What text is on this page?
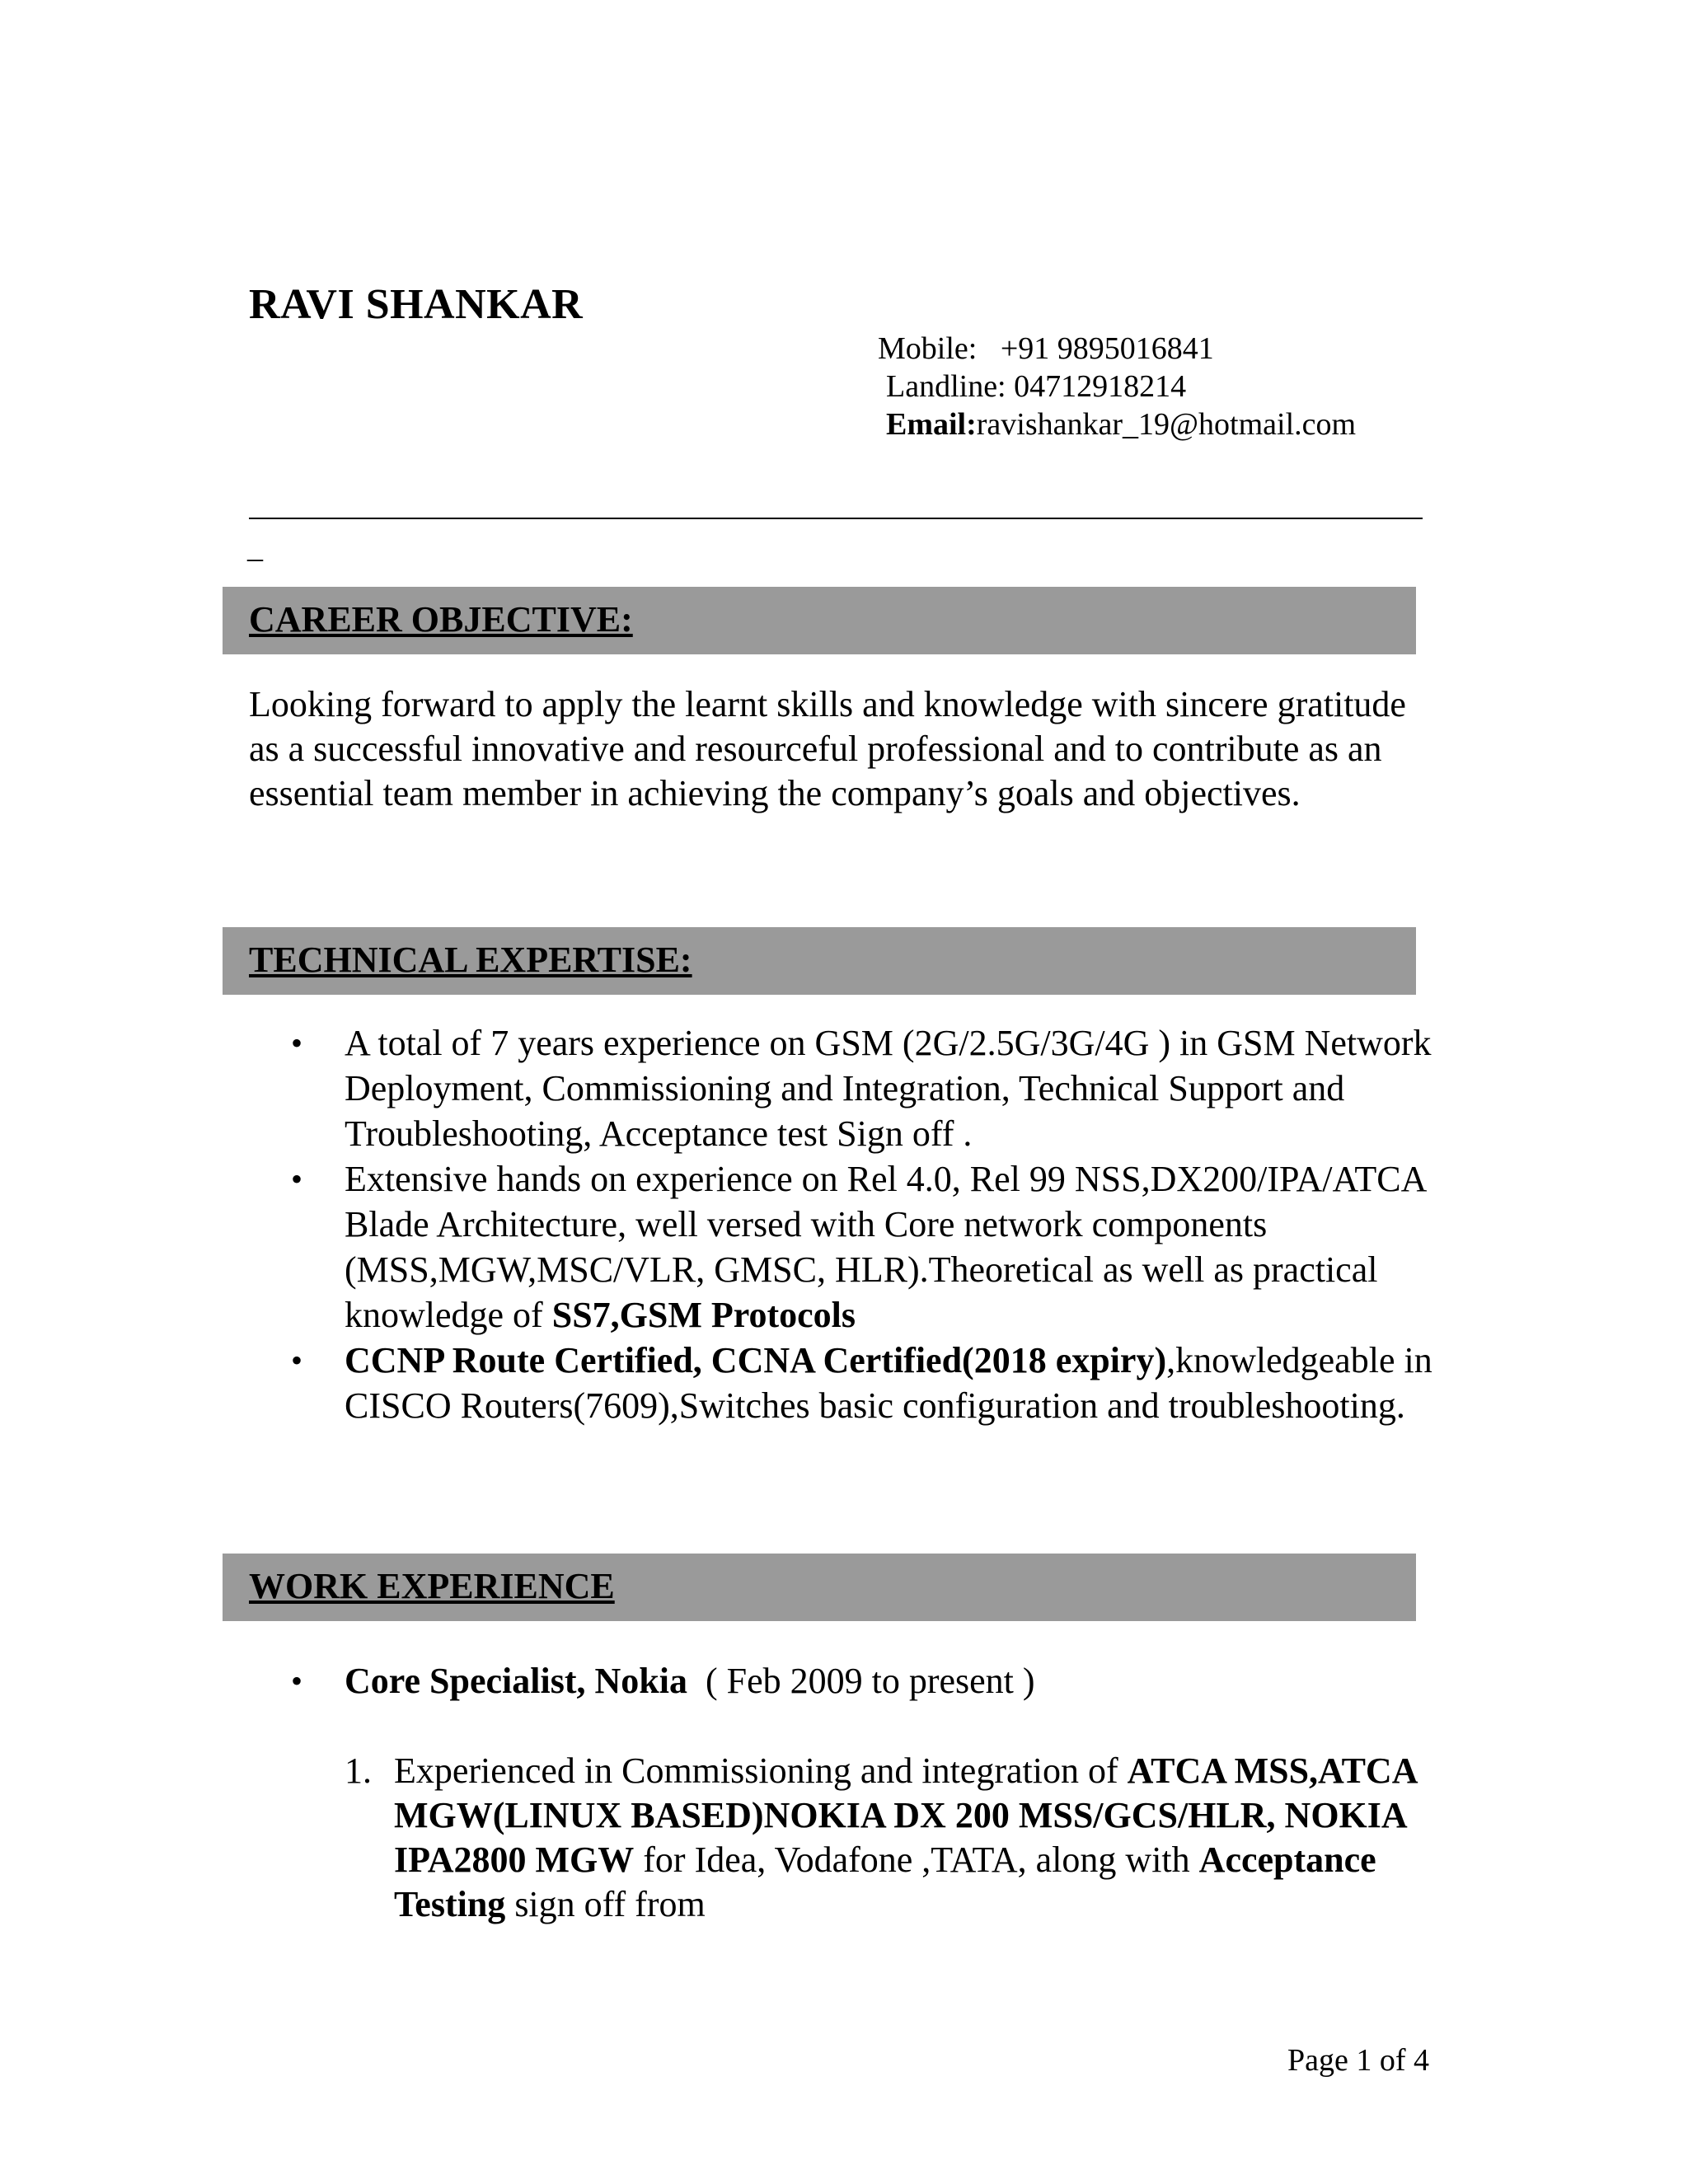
RAVI SHANKAR
Mobile: +91 9895016841
Landline: 04712918214
Email:ravishankar_19@hotmail.com
_
CAREER OBJECTIVE:
Looking forward to apply the learnt skills and knowledge with sincere gratitude as a successful innovative and resourceful professional and to contribute as an essential team member in achieving the company’s goals and objectives.
TECHNICAL EXPERTISE:
• A total of 7 years experience on GSM (2G/2.5G/3G/4G ) in GSM Network Deployment, Commissioning and Integration, Technical Support and Troubleshooting, Acceptance test Sign off .
• Extensive hands on experience on Rel 4.0, Rel 99 NSS,DX200/IPA/ATCA Blade Architecture, well versed with Core network components (MSS,MGW,MSC/VLR, GMSC, HLR).Theoretical as well as practical knowledge of SS7,GSM Protocols
• CCNP Route Certified, CCNA Certified(2018 expiry),knowledgeable in CISCO Routers(7609),Switches basic configuration and troubleshooting.
WORK EXPERIENCE
• Core Specialist, Nokia ( Feb 2009 to present )
1. Experienced in Commissioning and integration of ATCA MSS,ATCA MGW(LINUX BASED)NOKIA DX 200 MSS/GCS/HLR, NOKIA IPA2800 MGW for Idea, Vodafone ,TATA, along with Acceptance Testing sign off from
Page 1 of 4
